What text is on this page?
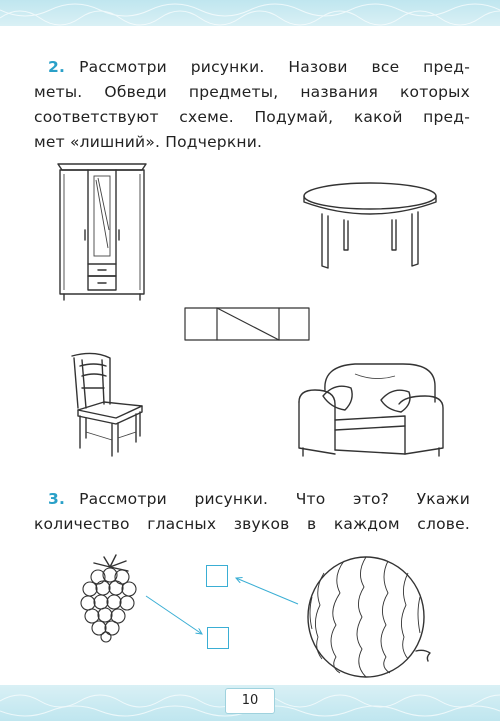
2. Рассмотри рисунки. Назови все пред-
меты. Обведи предметы, названия которых
соответствуют схеме. Подумай, какой пред-
мет «лишний». Подчеркни.
3. Рассмотри рисунки. Что это? Укажи
количество гласных звуков в каждом слове.
10
